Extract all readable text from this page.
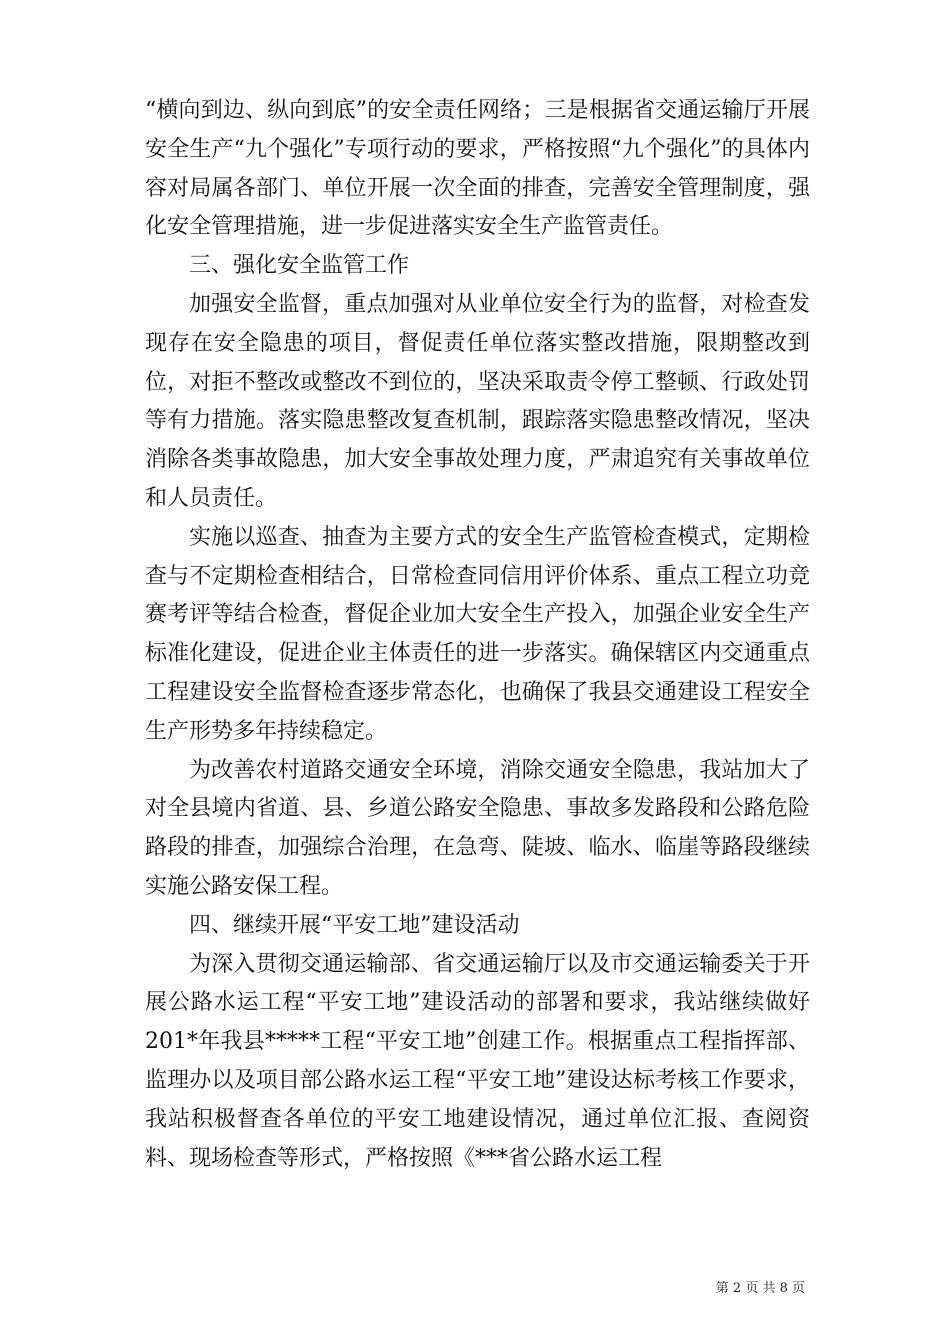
“横向到边、纵向到底”的安全责任网络；三是根据省交通运输厅开展安全生产“九个强化”专项行动的要求，严格按照“九个强化”的具体内容对局属各部门、单位开展一次全面的排查，完善安全管理制度，强化安全管理措施，进一步促进落实安全生产监管责任。

三、强化安全监管工作

加强安全监督，重点加强对从业单位安全行为的监督，对检查发现存在安全隐患的项目，督促责任单位落实整改措施，限期整改到位，对拒不整改或整改不到位的，坚决采取责令停工整顿、行政处罚等有力措施。落实隐患整改复查机制，跟踪落实隐患整改情况，坚决消除各类事故隐患，加大安全事故处理力度，严肃追究有关事故单位和人员责任。

实施以巡查、抽查为主要方式的安全生产监管检查模式，定期检查与不定期检查相结合，日常检查同信用评价体系、重点工程立功竞赛考评等结合检查，督促企业加大安全生产投入，加强企业安全生产标准化建设，促进企业主体责任的进一步落实。确保辖区内交通重点工程建设安全监督检查逐步常态化，也确保了我县交通建设工程安全生产形势多年持续稳定。

为改善农村道路交通安全环境，消除交通安全隐患，我站加大了对全县境内省道、县、乡道公路安全隐患、事故多发路段和公路危险路段的排查，加强综合治理，在急弯、陡坡、临水、临崖等路段继续实施公路安保工程。

四、继续开展“平安工地”建设活动

为深入贯彻交通运输部、省交通运输厅以及市交通运输委关于开展公路水运工程“平安工地”建设活动的部署和要求，我站继续做好201*年我县*****工程“平安工地”创建工作。根据重点工程指挥部、监理办以及项目部公路水运工程“平安工地”建设达标考核工作要求，我站积极督查各单位的平安工地建设情况，通过单位汇报、查阅资料、现场检查等形式，严格按照《***省公路水运工程

第 2 页 共 8 页
